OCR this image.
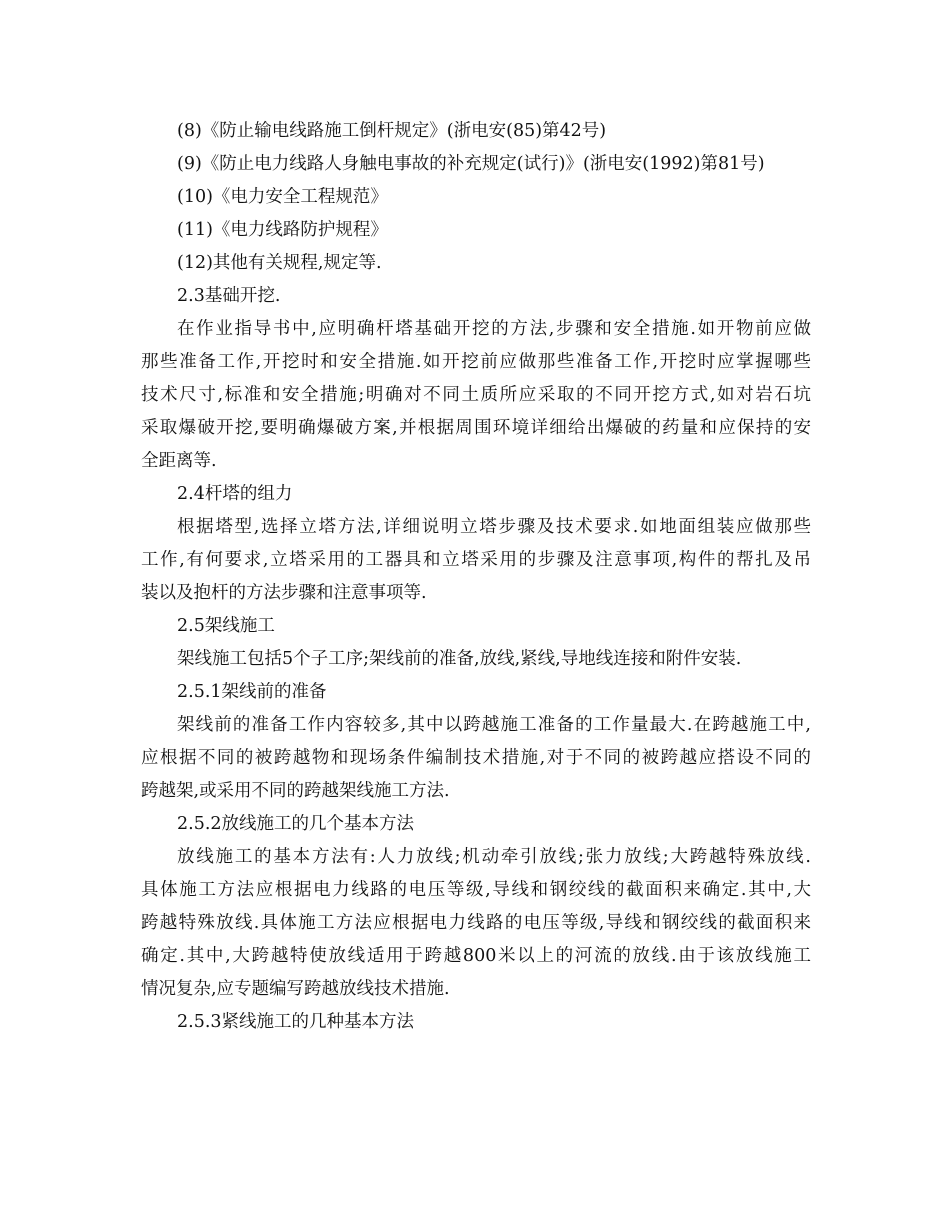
(8)《防止输电线路施工倒杆规定》(浙电安(85)第42号)
(9)《防止电力线路人身触电事故的补充规定(试行)》(浙电安(1992)第81号)
(10)《电力安全工程规范》
(11)《电力线路防护规程》
(12)其他有关规程,规定等.
2.3基础开挖.
在作业指导书中,应明确杆塔基础开挖的方法,步骤和安全措施.如开物前应做
那些准备工作,开挖时和安全措施.如开挖前应做那些准备工作,开挖时应掌握哪些
技术尺寸,标准和安全措施;明确对不同土质所应采取的不同开挖方式,如对岩石坑
采取爆破开挖,要明确爆破方案,并根据周围环境详细给出爆破的药量和应保持的安
全距离等.
2.4杆塔的组力
根据塔型,选择立塔方法,详细说明立塔步骤及技术要求.如地面组装应做那些
工作,有何要求,立塔采用的工器具和立塔采用的步骤及注意事项,构件的帮扎及吊
装以及抱杆的方法步骤和注意事项等.
2.5架线施工
架线施工包括5个子工序;架线前的准备,放线,紧线,导地线连接和附件安装.
2.5.1架线前的准备
架线前的准备工作内容较多,其中以跨越施工准备的工作量最大.在跨越施工中,
应根据不同的被跨越物和现场条件编制技术措施,对于不同的被跨越应搭设不同的
跨越架,或采用不同的跨越架线施工方法.
2.5.2放线施工的几个基本方法
放线施工的基本方法有:人力放线;机动牵引放线;张力放线;大跨越特殊放线.
具体施工方法应根据电力线路的电压等级,导线和钢绞线的截面积来确定.其中,大
跨越特殊放线.具体施工方法应根据电力线路的电压等级,导线和钢绞线的截面积来
确定.其中,大跨越特使放线适用于跨越800米以上的河流的放线.由于该放线施工
情况复杂,应专题编写跨越放线技术措施.
2.5.3紧线施工的几种基本方法
